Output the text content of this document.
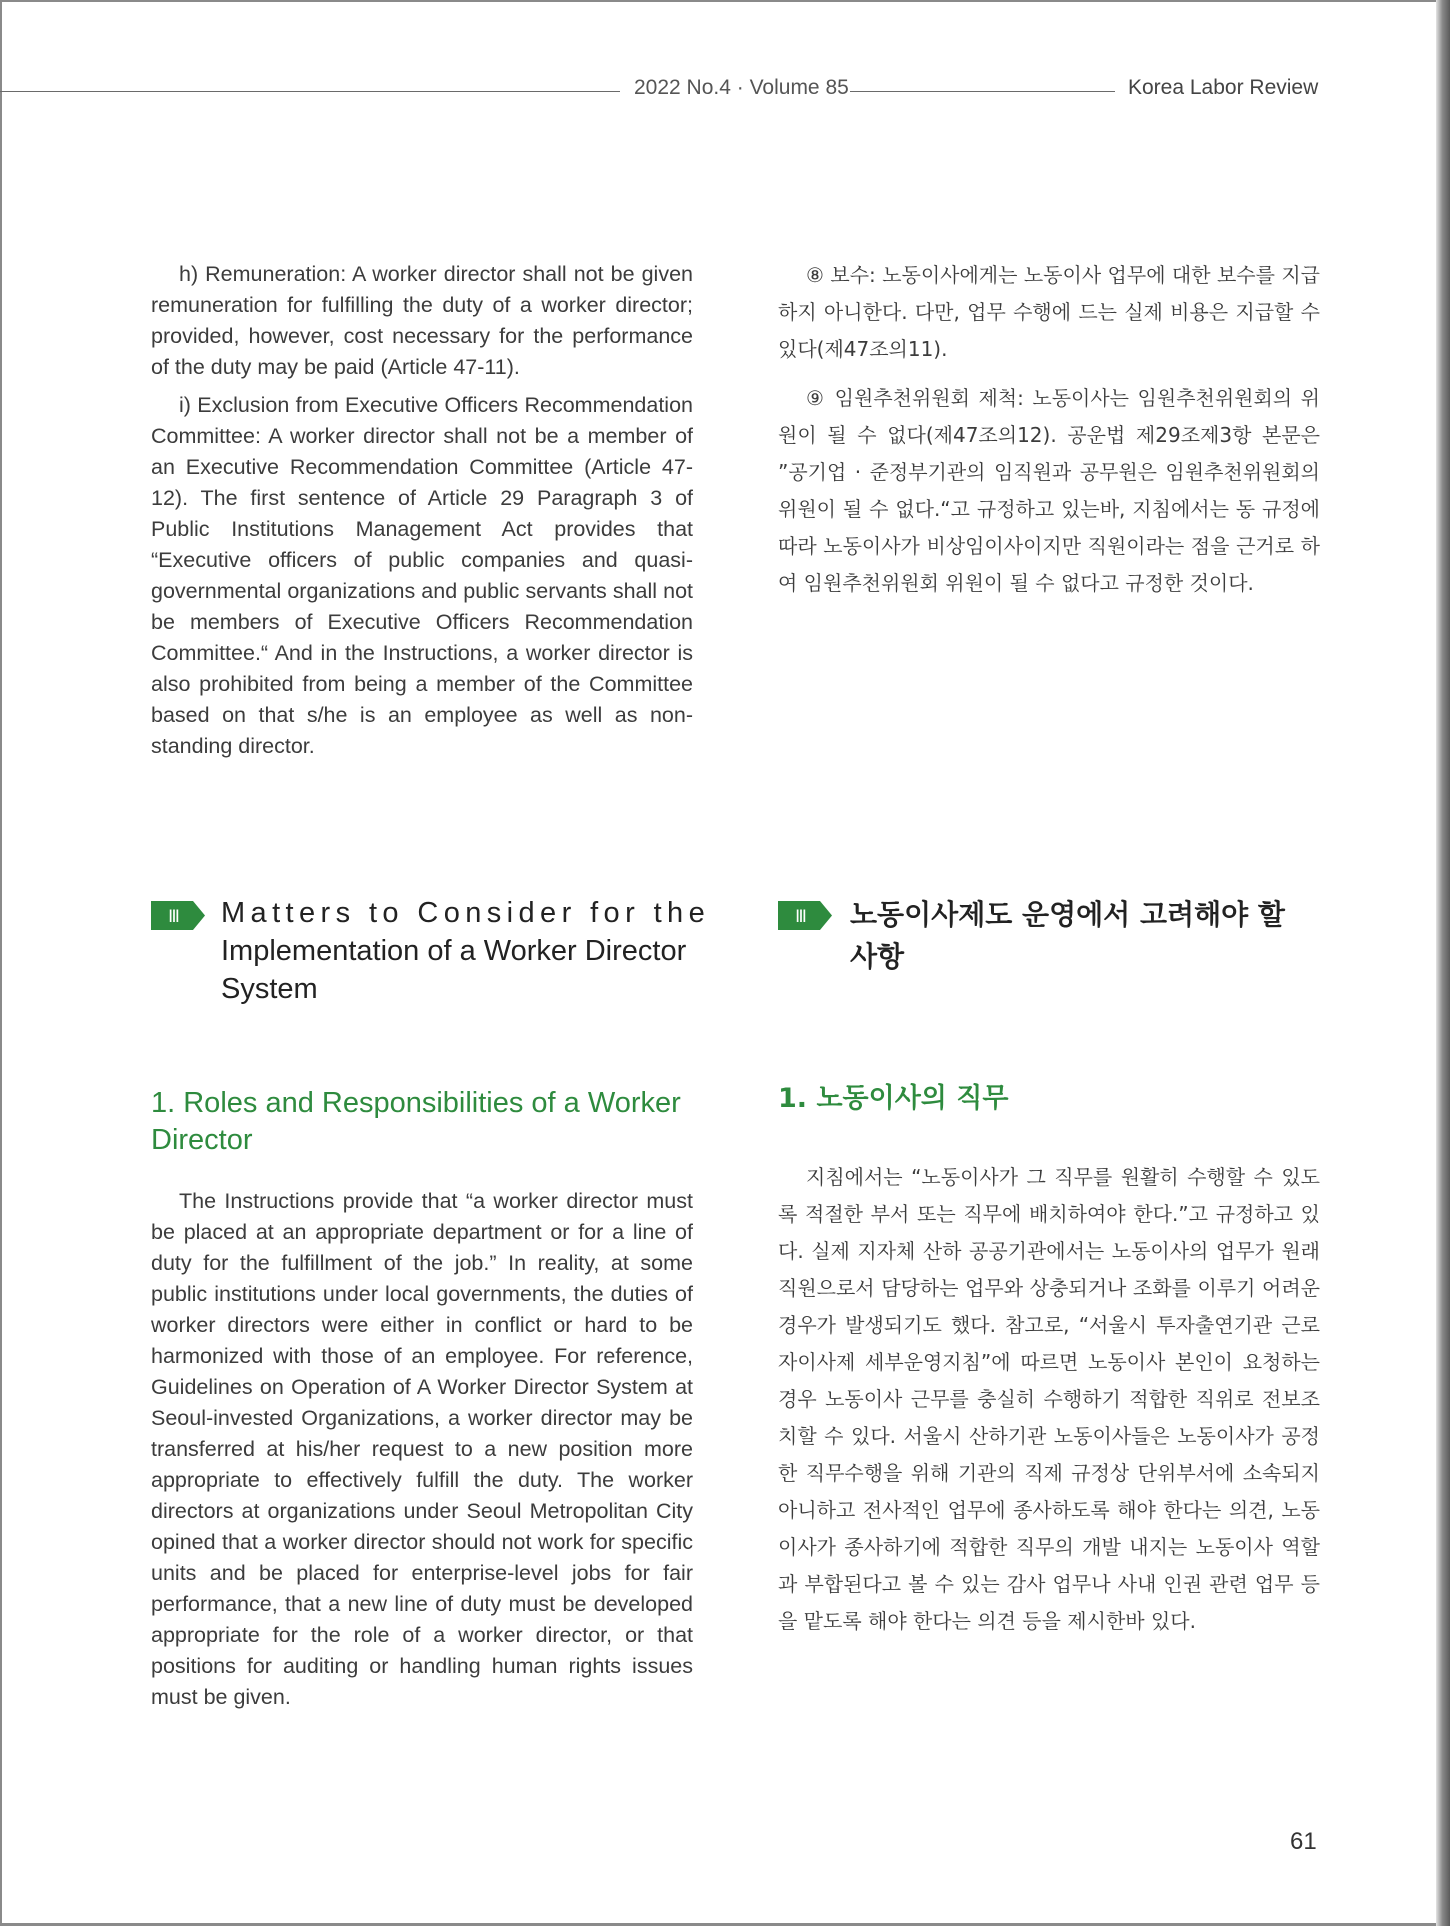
2022 No.4 · Volume 85	Korea Labor Review

h) Remuneration: A worker director shall not be given remuneration for fulfilling the duty of a worker director; provided, however, cost necessary for the performance of the duty may be paid (Article 47-11).

i) Exclusion from Executive Officers Recommendation Committee: A worker director shall not be a member of an Executive Recommendation Committee (Article 47-12). The first sentence of Article 29 Paragraph 3 of Public Institutions Management Act provides that “Executive officers of public companies and quasi-governmental organizations and public servants shall not be members of Executive Officers Recommendation Committee.“ And in the Instructions, a worker director is also prohibited from being a member of the Committee based on that s/he is an employee as well as non-standing director.

⑧ 보수: 노동이사에게는 노동이사 업무에 대한 보수를 지급하지 아니한다. 다만, 업무 수행에 드는 실제 비용은 지급할 수 있다(제47조의11).

⑨ 임원추천위원회 제척: 노동이사는 임원추천위원회의 위원이 될 수 없다(제47조의12). 공운법 제29조제3항 본문은 ”공기업 · 준정부기관의 임직원과 공무원은 임원추천위원회의 위원이 될 수 없다.“고 규정하고 있는바, 지침에서는 동 규정에 따라 노동이사가 비상임이사이지만 직원이라는 점을 근거로 하여 임원추천위원회 위원이 될 수 없다고 규정한 것이다.

Ⅲ Matters to Consider for the
Implementation of a Worker Director
System
Ⅲ 노동이사제도 운영에서 고려해야 할
사항
1. Roles and Responsibilities of a Worker
Director
1. 노동이사의 직무

The Instructions provide that “a worker director must be placed at an appropriate department or for a line of duty for the fulfillment of the job.” In reality, at some public institutions under local governments, the duties of worker directors were either in conflict or hard to be harmonized with those of an employee. For reference, Guidelines on Operation of A Worker Director System at Seoul-invested Organizations, a worker director may be transferred at his/her request to a new position more appropriate to effectively fulfill the duty. The worker directors at organizations under Seoul Metropolitan City opined that a worker director should not work for specific units and be placed for enterprise-level jobs for fair performance, that a new line of duty must be developed appropriate for the role of a worker director, or that positions for auditing or handling human rights issues must be given.

지침에서는 “노동이사가 그 직무를 원활히 수행할 수 있도록 적절한 부서 또는 직무에 배치하여야 한다.”고 규정하고 있다. 실제 지자체 산하 공공기관에서는 노동이사의 업무가 원래 직원으로서 담당하는 업무와 상충되거나 조화를 이루기 어려운 경우가 발생되기도 했다. 참고로, “서울시 투자출연기관 근로자이사제 세부운영지침”에 따르면 노동이사 본인이 요청하는 경우 노동이사 근무를 충실히 수행하기 적합한 직위로 전보조치할 수 있다. 서울시 산하기관 노동이사들은 노동이사가 공정한 직무수행을 위해 기관의 직제 규정상 단위부서에 소속되지 아니하고 전사적인 업무에 종사하도록 해야 한다는 의견, 노동이사가 종사하기에 적합한 직무의 개발 내지는 노동이사 역할과 부합된다고 볼 수 있는 감사 업무나 사내 인권 관련 업무 등을 맡도록 해야 한다는 의견 등을 제시한바 있다.

61
